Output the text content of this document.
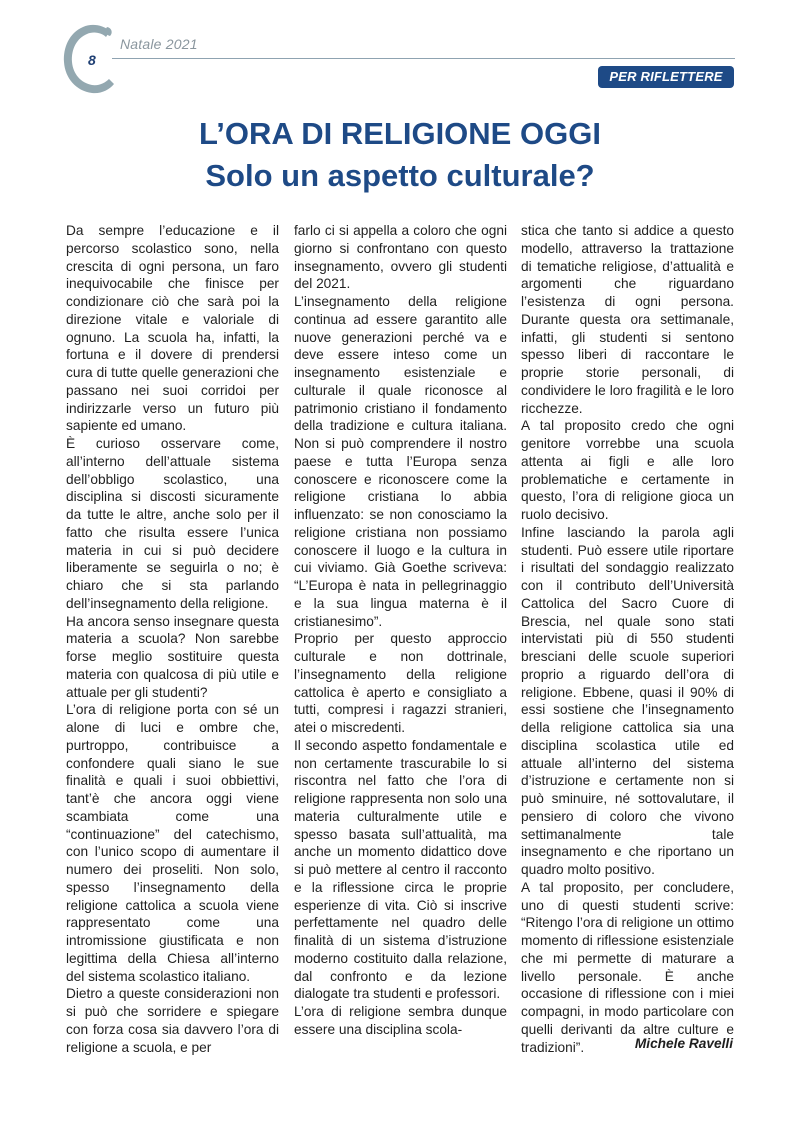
8
Natale 2021
PER RIFLETTERE
L’ORA DI RELIGIONE OGGI
Solo un aspetto culturale?

Da sempre l’educazione e il percorso scolastico sono, nella crescita di ogni persona, un faro inequivocabile che finisce per condizionare ciò che sarà poi la direzione vitale e valoriale di ognuno. La scuola ha, infatti, la fortuna e il dovere di prendersi cura di tutte quelle generazioni che passano nei suoi corridoi per indirizzarle verso un futuro più sapiente ed umano.

È curioso osservare come, all’interno dell’attuale sistema dell’obbligo scolastico, una disciplina si discosti sicuramente da tutte le altre, anche solo per il fatto che risulta essere l’unica materia in cui si può decidere liberamente se seguirla o no; è chiaro che si sta parlando dell’insegnamento della religione.

Ha ancora senso insegnare questa materia a scuola? Non sarebbe forse meglio sostituire questa materia con qualcosa di più utile e attuale per gli studenti?

L’ora di religione porta con sé un alone di luci e ombre che, purtroppo, contribuisce a confondere quali siano le sue finalità e quali i suoi obbiettivi, tant’è che ancora oggi viene scambiata come una “continuazione” del catechismo, con l’unico scopo di aumentare il numero dei proseliti. Non solo, spesso l’insegnamento della religione cattolica a scuola viene rappresentato come una intromissione giustificata e non legittima della Chiesa all’interno del sistema scolastico italiano.

Dietro a queste considerazioni non si può che sorridere e spiegare con forza cosa sia davvero l’ora di religione a scuola, e per

farlo ci si appella a coloro che ogni giorno si confrontano con questo insegnamento, ovvero gli studenti del 2021.

L’insegnamento della religione continua ad essere garantito alle nuove generazioni perché va e deve essere inteso come un insegnamento esistenziale e culturale il quale riconosce al patrimonio cristiano il fondamento della tradizione e cultura italiana. Non si può comprendere il nostro paese e tutta l’Europa senza conoscere e riconoscere come la religione cristiana lo abbia influenzato: se non conosciamo la religione cristiana non possiamo conoscere il luogo e la cultura in cui viviamo. Già Goethe scriveva: “L’Europa è nata in pellegrinaggio e la sua lingua materna è il cristianesimo”.

Proprio per questo approccio culturale e non dottrinale, l’insegnamento della religione cattolica è aperto e consigliato a tutti, compresi i ragazzi stranieri, atei o miscredenti.

Il secondo aspetto fondamentale e non certamente trascurabile lo si riscontra nel fatto che l’ora di religione rappresenta non solo una materia culturalmente utile e spesso basata sull’attualità, ma anche un momento didattico dove si può mettere al centro il racconto e la riflessione circa le proprie esperienze di vita. Ciò si inscrive perfettamente nel quadro delle finalità di un sistema d’istruzione moderno costituito dalla relazione, dal confronto e da lezione dialogate tra studenti e professori.

L’ora di religione sembra dunque essere una disciplina scola-

stica che tanto si addice a questo modello, attraverso la trattazione di tematiche religiose, d’attualità e argomenti che riguardano l’esistenza di ogni persona. Durante questa ora settimanale, infatti, gli studenti si sentono spesso liberi di raccontare le proprie storie personali, di condividere le loro fragilità e le loro ricchezze.

A tal proposito credo che ogni genitore vorrebbe una scuola attenta ai figli e alle loro problematiche e certamente in questo, l’ora di religione gioca un ruolo decisivo.

Infine lasciando la parola agli studenti. Può essere utile riportare i risultati del sondaggio realizzato con il contributo dell’Università Cattolica del Sacro Cuore di Brescia, nel quale sono stati intervistati più di 550 studenti bresciani delle scuole superiori proprio a riguardo dell’ora di religione. Ebbene, quasi il 90% di essi sostiene che l’insegnamento della religione cattolica sia una disciplina scolastica utile ed attuale all’interno del sistema d’istruzione e certamente non si può sminuire, né sottovalutare, il pensiero di coloro che vivono settimanalmente tale insegnamento e che riportano un quadro molto positivo.

A tal proposito, per concludere, uno di questi studenti scrive: “Ritengo l’ora di religione un ottimo momento di riflessione esistenziale che mi permette di maturare a livello personale. È anche occasione di riflessione con i miei compagni, in modo particolare con quelli derivanti da altre culture e tradizioni”.	Michele Ravelli
